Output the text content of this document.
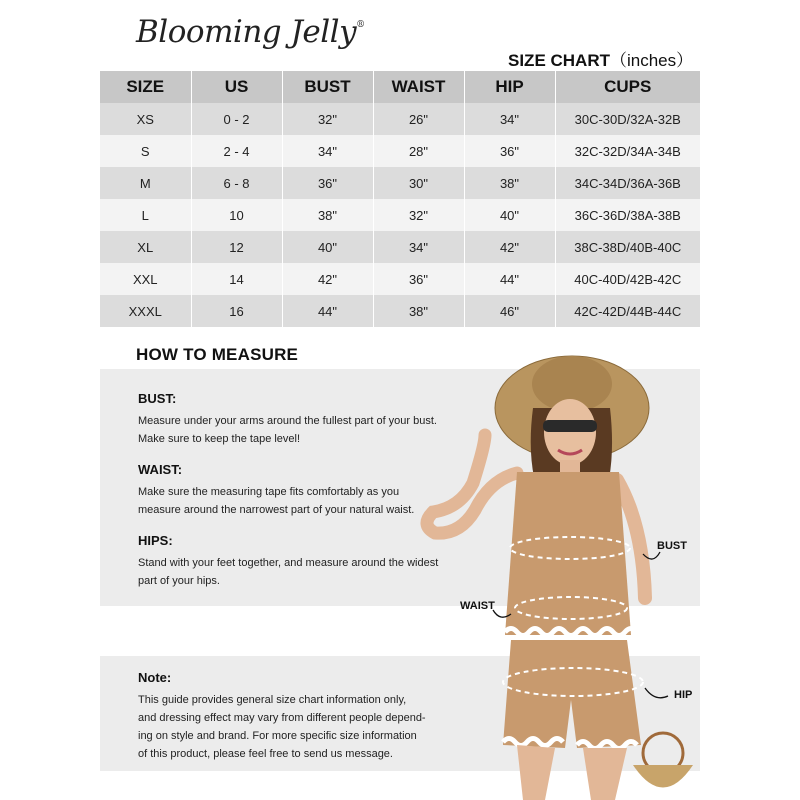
Blooming Jelly®
SIZE CHART（inches）
SIZE	US	BUST	WAIST	HIP	CUPS
XS	0 - 2	32"	26"	34"	30C-30D/32A-32B
S	2 - 4	34"	28"	36"	32C-32D/34A-34B
M	6 - 8	36"	30"	38"	34C-34D/36A-36B
L	10	38"	32"	40"	36C-36D/38A-38B
XL	12	40"	34"	42"	38C-38D/40B-40C
XXL	14	42"	36"	44"	40C-40D/42B-42C
XXXL	16	44"	38"	46"	42C-42D/44B-44C
HOW TO MEASURE
BUST:

Measure under your arms around the fullest part of your bust.
Make sure to keep the tape level!

WAIST:

Make sure the measuring tape fits comfortably as you
measure around the narrowest part of your natural waist.

HIPS:

Stand with your feet together, and measure around the widest
part of your hips.

Note:

This guide provides general size chart information only,
and dressing effect may vary from different people depend-
ing on style and brand. For more specific size information
of this product, please feel free to send us message.

BUST
WAIST
HIP
